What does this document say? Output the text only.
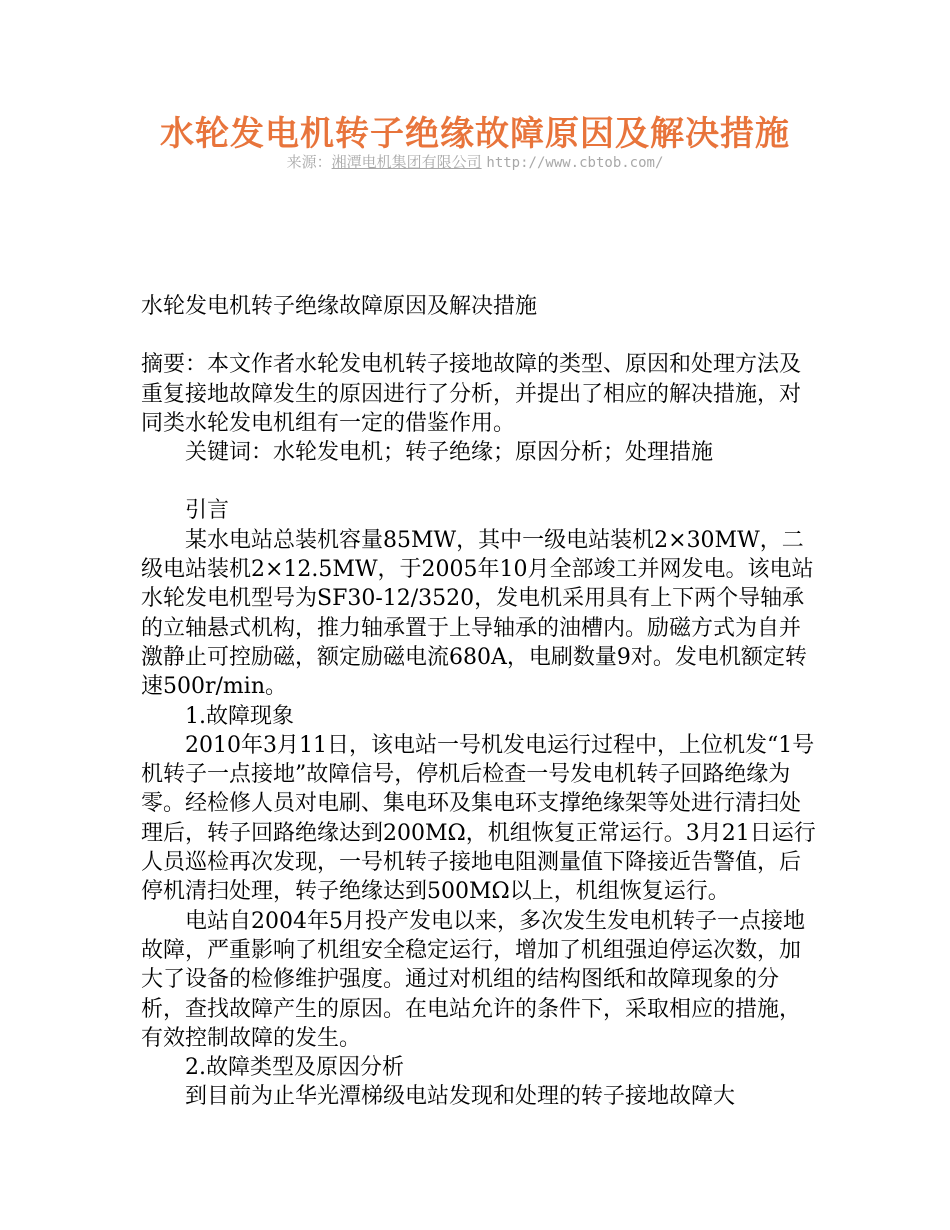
水轮发电机转子绝缘故障原因及解决措施
来源：湘潭电机集团有限公司 http://www.cbtob.com/

水轮发电机转子绝缘故障原因及解决措施

摘要：本文作者水轮发电机转子接地故障的类型、原因和处理方法及重复接地故障发生的原因进行了分析，并提出了相应的解决措施，对同类水轮发电机组有一定的借鉴作用。

关键词：水轮发电机；转子绝缘；原因分析；处理措施

引言

某水电站总装机容量85MW，其中一级电站装机2×30MW，二级电站装机2×12.5MW，于2005年10月全部竣工并网发电。该电站水轮发电机型号为SF30-12/3520，发电机采用具有上下两个导轴承的立轴悬式机构，推力轴承置于上导轴承的油槽内。励磁方式为自并激静止可控励磁，额定励磁电流680A，电刷数量9对。发电机额定转速500r/min。

1.故障现象

2010年3月11日，该电站一号机发电运行过程中，上位机发“1号机转子一点接地”故障信号，停机后检查一号发电机转子回路绝缘为零。经检修人员对电刷、集电环及集电环支撑绝缘架等处进行清扫处理后，转子回路绝缘达到200MΩ，机组恢复正常运行。3月21日运行人员巡检再次发现，一号机转子接地电阻测量值下降接近告警值，后停机清扫处理，转子绝缘达到500MΩ以上，机组恢复运行。

电站自2004年5月投产发电以来，多次发生发电机转子一点接地故障，严重影响了机组安全稳定运行，增加了机组强迫停运次数，加大了设备的检修维护强度。通过对机组的结构图纸和故障现象的分析，查找故障产生的原因。在电站允许的条件下，采取相应的措施，有效控制故障的发生。

2.故障类型及原因分析

到目前为止华光潭梯级电站发现和处理的转子接地故障大
